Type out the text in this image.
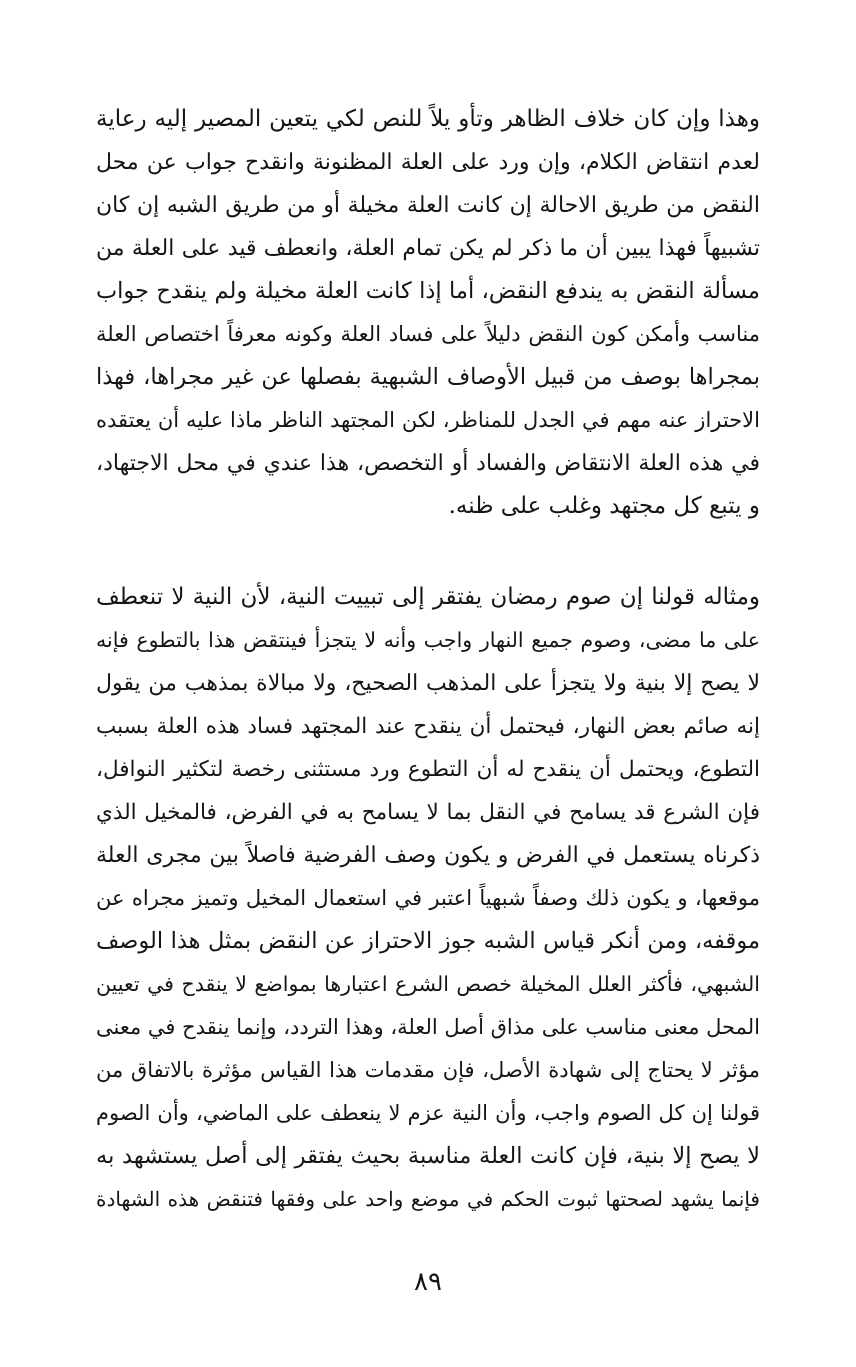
وهذا وإن كان خلاف الظاهر وتأو يلاً للنص لكي يتعين المصير إليه رعاية
لعدم انتقاض الكلام، وإن ورد على العلة المظنونة وانقدح جواب عن محل
النقض من طريق الاحالة إن كانت العلة مخيلة أو من طريق الشبه إن كان
تشبيهاً فهذا يبين أن ما ذكر لم يكن تمام العلة، وانعطف قيد على العلة من
مسألة النقض به يندفع النقض، أما إذا كانت العلة مخيلة ولم ينقدح جواب
مناسب وأمكن كون النقض دليلاً على فساد العلة وكونه معرفاً اختصاص العلة
بمجراها بوصف من قبيل الأوصاف الشبهية بفصلها عن غير مجراها، فهذا
الاحتراز عنه مهم في الجدل للمناظر، لكن المجتهد الناظر ماذا عليه أن يعتقده
في هذه العلة الانتقاض والفساد أو التخصص، هذا عندي في محل الاجتهاد،
و يتبع كل مجتهد وغلب على ظنه.
ومثاله قولنا إن صوم رمضان يفتقر إلى تبييت النية، لأن النية لا تنعطف
على ما مضى، وصوم جميع النهار واجب وأنه لا يتجزأ فينتقض هذا بالتطوع فإنه
لا يصح إلا بنية ولا يتجزأ على المذهب الصحيح، ولا مبالاة بمذهب من يقول
إنه صائم بعض النهار، فيحتمل أن ينقدح عند المجتهد فساد هذه العلة بسبب
التطوع، ويحتمل أن ينقدح له أن التطوع ورد مستثنى رخصة لتكثير النوافل،
فإن الشرع قد يسامح في النقل بما لا يسامح به في الفرض، فالمخيل الذي
ذكرناه يستعمل في الفرض و يكون وصف الفرضية فاصلاً بين مجرى العلة
موقعها، و يكون ذلك وصفاً شبهياً اعتبر في استعمال المخيل وتميز مجراه عن
موقفه، ومن أنكر قياس الشبه جوز الاحتراز عن النقض بمثل هذا الوصف
الشبهي، فأكثر العلل المخيلة خصص الشرع اعتبارها بمواضع لا ينقدح في تعيين
المحل معنى مناسب على مذاق أصل العلة، وهذا التردد، وإنما ينقدح في معنى
مؤثر لا يحتاج إلى شهادة الأصل، فإن مقدمات هذا القياس مؤثرة بالاتفاق من
قولنا إن كل الصوم واجب، وأن النية عزم لا ينعطف على الماضي، وأن الصوم
لا يصح إلا بنية، فإن كانت العلة مناسبة بحيث يفتقر إلى أصل يستشهد به
فإنما يشهد لصحتها ثبوت الحكم في موضع واحد على وفقها فتنقض هذه الشهادة
٨٩
